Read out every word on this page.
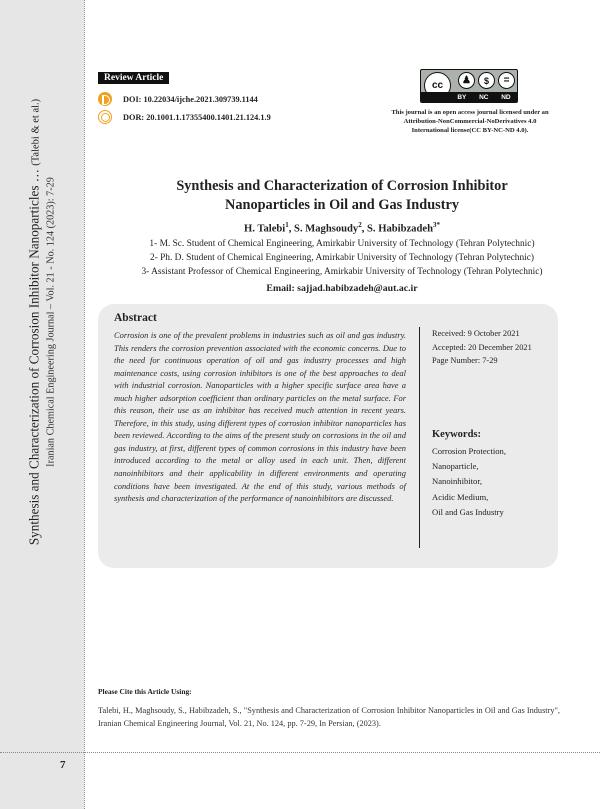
Synthesis and Characterization of Corrosion Inhibitor Nanoparticles … (Talebi & et al.)
Iranian Chemical Engineering Journal – Vol. 21 - No. 124 (2023): 7-29
7
Review Article
DOI: 10.22034/ijche.2021.309739.1144
DOR: 20.1001.1.17355400.1401.21.124.1.9
cc	♟	$	=
BY NC ND
This journal is an open access journal licensed under an
Attribution-NonCommercial-NoDerivatives 4.0
International license(CC BY-NC-ND 4.0).
Synthesis and Characterization of Corrosion Inhibitor
Nanoparticles in Oil and Gas Industry
H. Talebi$^1$, S. Maghsoudy$^2$, S. Habibzadeh$^{3*}$
1- M. Sc. Student of Chemical Engineering, Amirkabir University of Technology (Tehran Polytechnic)
2- Ph. D. Student of Chemical Engineering, Amirkabir University of Technology (Tehran Polytechnic)
3- Assistant Professor of Chemical Engineering, Amirkabir University of Technology (Tehran Polytechnic)
Email: sajjad.habibzadeh@aut.ac.ir
Abstract
Corrosion is one of the prevalent problems in industries such as oil and gas industry. This renders the corrosion prevention associated with the economic concerns. Due to the need for continuous operation of oil and gas industry processes and high maintenance costs, using corrosion inhibitors is one of the best approaches to deal with industrial corrosion. Nanoparticles with a higher specific surface area have a much higher adsorption coefficient than ordinary particles on the metal surface. For this reason, their use as an inhibitor has received much attention in recent years. Therefore, in this study, using different types of corrosion inhibitor nanoparticles has been reviewed. According to the aims of the present study on corrosions in the oil and gas industry, at first, different types of common corrosions in this industry have been introduced according to the metal or alloy used in each unit. Then, different nanoinhibitors and their applicability in different environments and operating conditions have been investigated. At the end of this study, various methods of synthesis and characterization of the performance of nanoinhibitors are discussed.
Received: 9 October 2021
Accepted: 20 December 2021
Page Number: 7-29
Keywords:
Corrosion Protection,
Nanoparticle,
Nanoinhibitor,
Acidic Medium,
Oil and Gas Industry
Please Cite this Article Using:
Talebi, H., Maghsoudy, S., Habibzadeh, S., "Synthesis and Characterization of Corrosion Inhibitor Nanoparticles in Oil and Gas Industry", Iranian Chemical Engineering Journal, Vol. 21, No. 124, pp. 7-29, In Persian, (2023).
